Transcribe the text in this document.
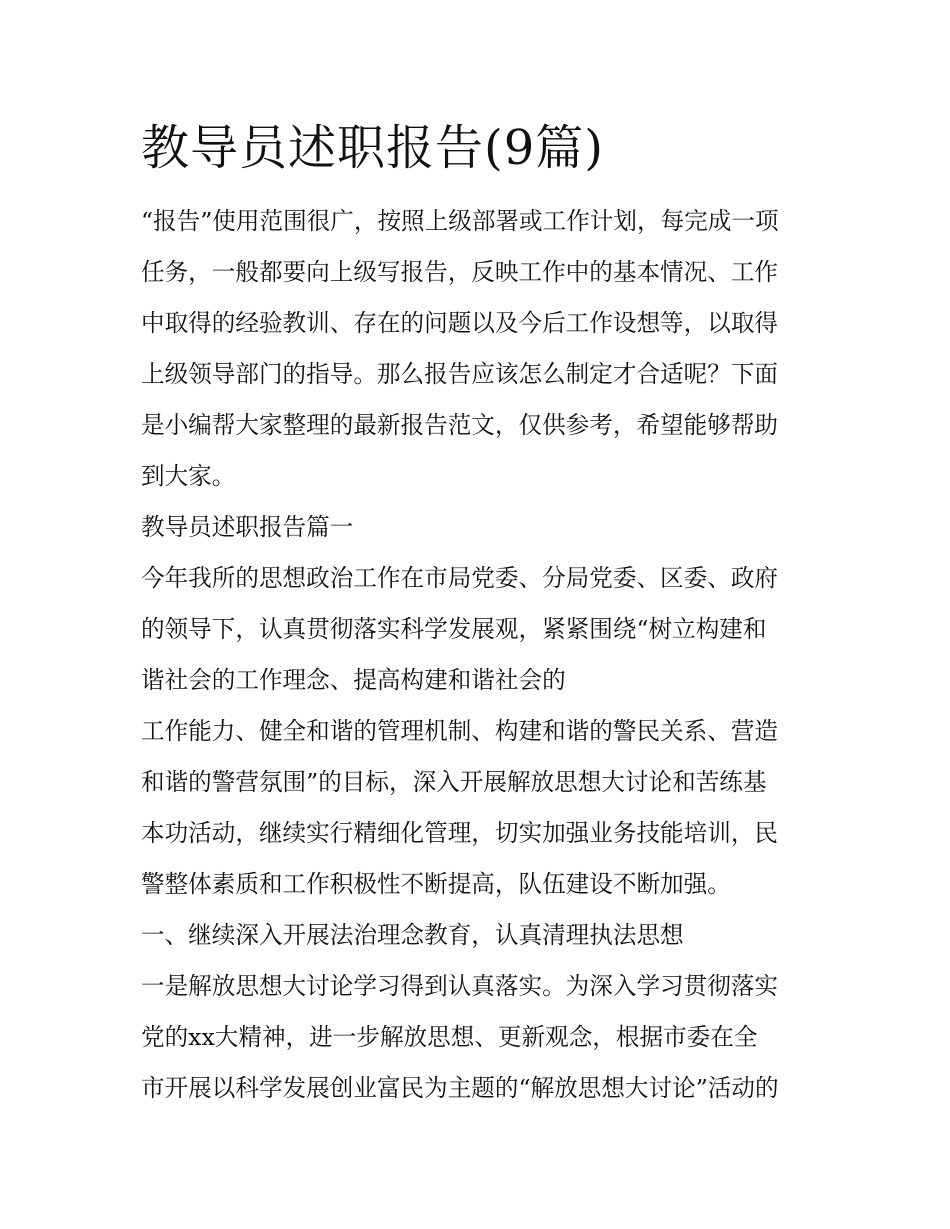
教导员述职报告(9篇)
“报告”使用范围很广，按照上级部署或工作计划，每完成一项
任务，一般都要向上级写报告，反映工作中的基本情况、工作
中取得的经验教训、存在的问题以及今后工作设想等，以取得
上级领导部门的指导。那么报告应该怎么制定才合适呢？下面
是小编帮大家整理的最新报告范文，仅供参考，希望能够帮助
到大家。
教导员述职报告篇一
今年我所的思想政治工作在市局党委、分局党委、区委、政府
的领导下，认真贯彻落实科学发展观，紧紧围绕“树立构建和
谐社会的工作理念、提高构建和谐社会的
工作能力、健全和谐的管理机制、构建和谐的警民关系、营造
和谐的警营氛围”的目标，深入开展解放思想大讨论和苦练基
本功活动，继续实行精细化管理，切实加强业务技能培训，民
警整体素质和工作积极性不断提高，队伍建设不断加强。
一、继续深入开展法治理念教育，认真清理执法思想
一是解放思想大讨论学习得到认真落实。为深入学习贯彻落实
党的xx大精神，进一步解放思想、更新观念，根据市委在全
市开展以科学发展创业富民为主题的“解放思想大讨论”活动的
